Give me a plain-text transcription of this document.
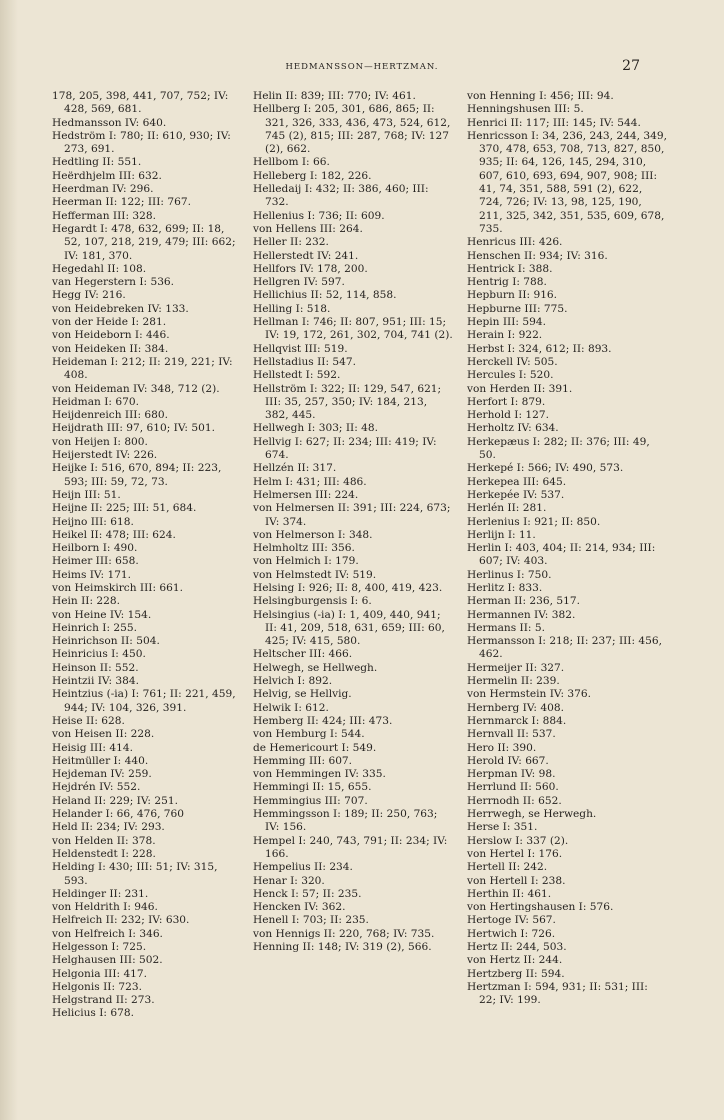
HEDMANSSON—HERTZMAN.	27
178, 205, 398, 441, 707, 752; IV: 428, 569, 681.
Hedmansson IV: 640.
Hedström I: 780; II: 610, 930; IV: 273, 691.
Hedtling II: 551.
Heërdhjelm III: 632.
Heerdman IV: 296.
Heerman II: 122; III: 767.
Hefferman III: 328.
Hegardt I: 478, 632, 699; II: 18, 52, 107, 218, 219, 479; III: 662; IV: 181, 370.
Hegedahl II: 108.
van Hegerstern I: 536.
Hegg IV: 216.
von Heidebreken IV: 133.
von der Heide I: 281.
von Heideborn I: 446.
von Heideken II: 384.
Heideman I: 212; II: 219, 221; IV: 408.
von Heideman IV: 348, 712 (2).
Heidman I: 670.
Heijdenreich III: 680.
Heijdrath III: 97, 610; IV: 501.
von Heijen I: 800.
Heijerstedt IV: 226.
Heijke I: 516, 670, 894; II: 223, 593; III: 59, 72, 73.
Heijn III: 51.
Heijne II: 225; III: 51, 684.
Heijno III: 618.
Heikel II: 478; III: 624.
Heilborn I: 490.
Heimer III: 658.
Heims IV: 171.
von Heimskirch III: 661.
Hein II: 228.
von Heine IV: 154.
Heinrich I: 255.
Heinrichson II: 504.
Heinricius I: 450.
Heinson II: 552.
Heintzii IV: 384.
Heintzius (-ia) I: 761; II: 221, 459, 944; IV: 104, 326, 391.
Heise II: 628.
von Heisen II: 228.
Heisig III: 414.
Heitmüller I: 440.
Hejdeman IV: 259.
Hejdrén IV: 552.
Heland II: 229; IV: 251.
Helander I: 66, 476, 760
Held II: 234; IV: 293.
von Helden II: 378.
Heldenstedt I: 228.
Helding I: 430; III: 51; IV: 315, 593.
Heldinger II: 231.
von Heldrith I: 946.
Helfreich II: 232; IV: 630.
von Helfreich I: 346.
Helgesson I: 725.
Helghausen III: 502.
Helgonia III: 417.
Helgonis II: 723.
Helgstrand II: 273.
Helicius I: 678.
Helin II: 839; III: 770; IV: 461.
Hellberg I: 205, 301, 686, 865; II: 321, 326, 333, 436, 473, 524, 612, 745 (2), 815; III: 287, 768; IV: 127 (2), 662.
Hellbom I: 66.
Helleberg I: 182, 226.
Helledaij I: 432; II: 386, 460; III: 732.
Hellenius I: 736; II: 609.
von Hellens III: 264.
Heller II: 232.
Hellerstedt IV: 241.
Hellfors IV: 178, 200.
Hellgren IV: 597.
Hellichius II: 52, 114, 858.
Helling I: 518.
Hellman I: 746; II: 807, 951; III: 15; IV: 19, 172, 261, 302, 704, 741 (2).
Hellqvist III: 519.
Hellstadius II: 547.
Hellstedt I: 592.
Hellström I: 322; II: 129, 547, 621; III: 35, 257, 350; IV: 184, 213, 382, 445.
Hellwegh I: 303; II: 48.
Hellvig I: 627; II: 234; III: 419; IV: 674.
Hellzén II: 317.
Helm I: 431; III: 486.
Helmersen III: 224.
von Helmersen II: 391; III: 224, 673; IV: 374.
von Helmerson I: 348.
Helmholtz III: 356.
von Helmich I: 179.
von Helmstedt IV: 519.
Helsing I: 926; II: 8, 400, 419, 423.
Helsingburgensis I: 6.
Helsingius (-ia) I: 1, 409, 440, 941; II: 41, 209, 518, 631, 659; III: 60, 425; IV: 415, 580.
Heltscher III: 466.
Helwegh, se Hellwegh.
Helvich I: 892.
Helvig, se Hellvig.
Helwik I: 612.
Hemberg II: 424; III: 473.
von Hemburg I: 544.
de Hemericourt I: 549.
Hemming III: 607.
von Hemmingen IV: 335.
Hemmingi II: 15, 655.
Hemmingius III: 707.
Hemmingsson I: 189; II: 250, 763; IV: 156.
Hempel I: 240, 743, 791; II: 234; IV: 166.
Hempelius II: 234.
Henar I: 320.
Henck I: 57; II: 235.
Hencken IV: 362.
Henell I: 703; II: 235.
von Hennigs II: 220, 768; IV: 735.
Henning II: 148; IV: 319 (2), 566.
von Henning I: 456; III: 94.
Henningshusen III: 5.
Henrici II: 117; III: 145; IV: 544.
Henricsson I: 34, 236, 243, 244, 349, 370, 478, 653, 708, 713, 827, 850, 935; II: 64, 126, 145, 294, 310, 607, 610, 693, 694, 907, 908; III: 41, 74, 351, 588, 591 (2), 622, 724, 726; IV: 13, 98, 125, 190, 211, 325, 342, 351, 535, 609, 678, 735.
Henricus III: 426.
Henschen II: 934; IV: 316.
Hentrick I: 388.
Hentrig I: 788.
Hepburn II: 916.
Hepburne III: 775.
Hepin III: 594.
Herain I: 922.
Herbst I: 324, 612; II: 893.
Herckell IV: 505.
Hercules I: 520.
von Herden II: 391.
Herfort I: 879.
Herhold I: 127.
Herholtz IV: 634.
Herkepæus I: 282; II: 376; III: 49, 50.
Herkepé I: 566; IV: 490, 573.
Herkepea III: 645.
Herkepée IV: 537.
Herlén II: 281.
Herlenius I: 921; II: 850.
Herlijn I: 11.
Herlin I: 403, 404; II: 214, 934; III: 607; IV: 403.
Herlinus I: 750.
Herlitz I: 833.
Herman II: 236, 517.
Hermannen IV: 382.
Hermans II: 5.
Hermansson I: 218; II: 237; III: 456, 462.
Hermeijer II: 327.
Hermelin II: 239.
von Hermstein IV: 376.
Hernberg IV: 408.
Hernmarck I: 884.
Hernvall II: 537.
Hero II: 390.
Herold IV: 667.
Herpman IV: 98.
Herrlund II: 560.
Herrnodh II: 652.
Herrwegh, se Herwegh.
Herse I: 351.
Herslow I: 337 (2).
von Hertel I: 176.
Hertell II: 242.
von Hertell I: 238.
Herthin II: 461.
von Hertingshausen I: 576.
Hertoge IV: 567.
Hertwich I: 726.
Hertz II: 244, 503.
von Hertz II: 244.
Hertzberg II: 594.
Hertzman I: 594, 931; II: 531; III: 22; IV: 199.
